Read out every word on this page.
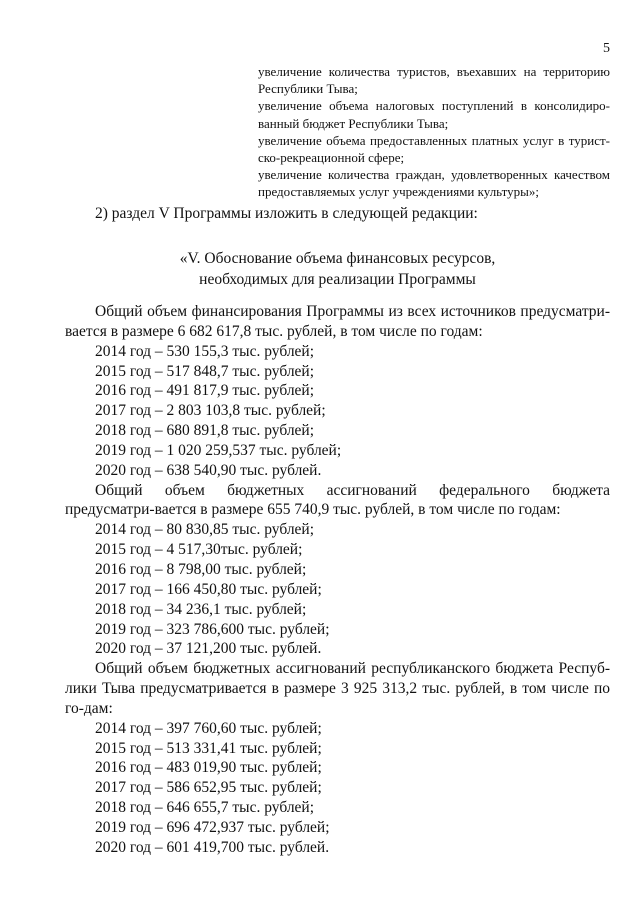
5

увеличение количества туристов, въехавших на территорию Республики Тыва;

увеличение объема налоговых поступлений в консолидиро-ванный бюджет Республики Тыва;

увеличение объема предоставленных платных услуг в турист-ско-рекреационной сфере;

увеличение количества граждан, удовлетворенных качеством предоставляемых услуг учреждениями культуры»;

2) раздел V Программы изложить в следующей редакции:

«V. Обоснование объема финансовых ресурсов,
необходимых для реализации Программы

Общий объем финансирования Программы из всех источников предусматри-вается в размере 6 682 617,8 тыс. рублей, в том числе по годам:

2014 год – 530 155,3 тыс. рублей;

2015 год – 517 848,7 тыс. рублей;

2016 год – 491 817,9 тыс. рублей;

2017 год – 2 803 103,8 тыс. рублей;

2018 год – 680 891,8 тыс. рублей;

2019 год – 1 020 259,537 тыс. рублей;

2020 год – 638 540,90 тыс. рублей.

Общий объем бюджетных ассигнований федерального бюджета предусматри-вается в размере 655 740,9 тыс. рублей, в том числе по годам:

2014 год – 80 830,85 тыс. рублей;

2015 год – 4 517,30тыс. рублей;

2016 год – 8 798,00 тыс. рублей;

2017 год – 166 450,80 тыс. рублей;

2018 год – 34 236,1 тыс. рублей;

2019 год – 323 786,600 тыс. рублей;

2020 год – 37 121,200 тыс. рублей.

Общий объем бюджетных ассигнований республиканского бюджета Респуб-лики Тыва предусматривается в размере 3 925 313,2 тыс. рублей, в том числе по го-дам:

2014 год – 397 760,60 тыс. рублей;

2015 год – 513 331,41 тыс. рублей;

2016 год – 483 019,90 тыс. рублей;

2017 год – 586 652,95 тыс. рублей;

2018 год – 646 655,7 тыс. рублей;

2019 год – 696 472,937 тыс. рублей;

2020 год – 601 419,700 тыс. рублей.
